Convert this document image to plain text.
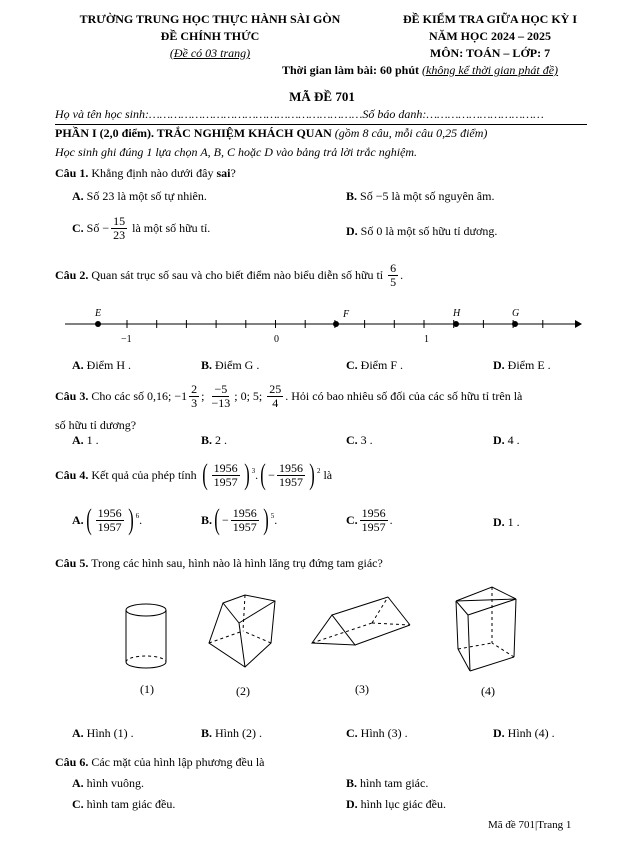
TRƯỜNG TRUNG HỌC THỰC HÀNH SÀI GÒN
ĐỀ CHÍNH THỨC
(Đề có 03 trang)
ĐỀ KIỂM TRA GIỮA HỌC KỲ I
NĂM HỌC 2024 – 2025
MÔN: TOÁN – LỚP: 7
Thời gian làm bài: 60 phút (không kể thời gian phát đề)
MÃ ĐỀ 701
Họ và tên học sinh:……………………………………………………Số báo danh:……………………………
PHẦN I (2,0 điểm). TRẮC NGHIỆM KHÁCH QUAN (gồm 8 câu, mỗi câu 0,25 điểm)
Học sinh ghi đúng 1 lựa chọn A, B, C hoặc D vào bảng trả lời trắc nghiệm.
Câu 1. Khẳng định nào dưới đây sai?
A. Số 23 là một số tự nhiên.	B. Số −5 là một số nguyên âm.
C.
Số
− $\frac{15}{23}$
là một số hữu tỉ.	D. Số 0 là một số hữu tỉ dương.
Câu 2.
Quan sát trục số sau và cho biết điểm nào biểu diễn số hữu tỉ
$\frac{6}{5}$ .
E	F	H	G
−1	0	1
A. Điểm H .	B. Điểm G .	C. Điểm F .	D. Điểm E .
Câu 3.
Cho các số
0,16;
$-1 \frac{2}{3}$ ;
$\frac{-5}{-13}$ ;
0; 5;
$\frac{25}{4}$ . Hỏi có bao nhiêu số đối của các số hữu tỉ trên là
số hữu tỉ dương?
A. 1 .	B. 2 .	C. 3 .	D. 4 .
Câu 4.
Kết quả của phép tính
( $\frac{1956}{1957}$ ) $^3$ . ( − $\frac{1956}{1957}$ ) $^2$
là
A. ( $\frac{1956}{1957}$ ) $^6$ .	B. ( − $\frac{1956}{1957}$ ) $^5$ .	C. $\frac{1956}{1957}$ .	D. 1 .
Câu 5. Trong các hình sau, hình nào là hình lăng trụ đứng tam giác?
(1)	(2)	(3)	(4)
A. Hình (1) .	B. Hình (2) .	C. Hình (3) .	D. Hình (4) .
Câu 6. Các mặt của hình lập phương đều là
A. hình vuông.	B. hình tam giác.
C. hình tam giác đều.	D. hình lục giác đều.
Mã đề 701|Trang 1
